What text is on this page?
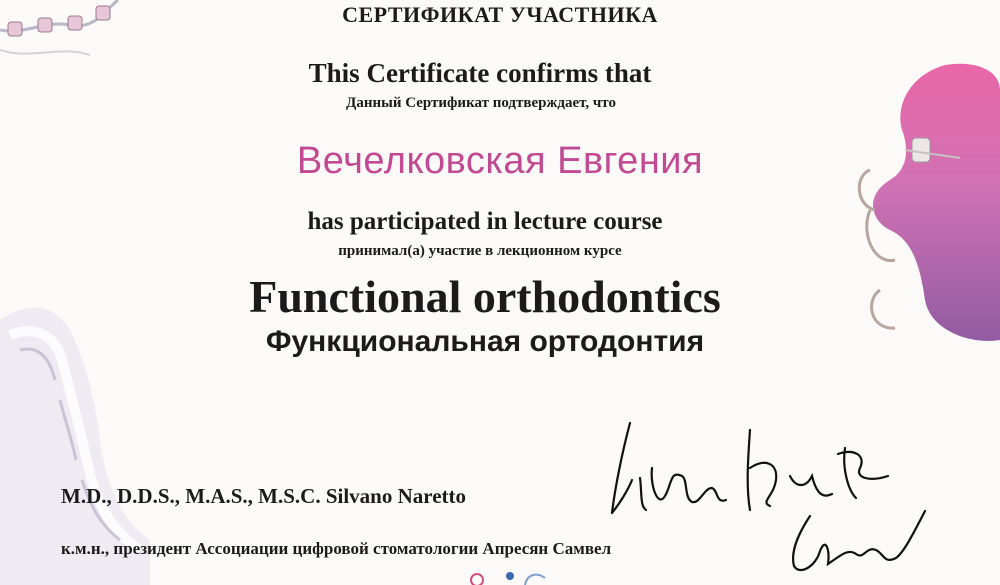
СЕРТИФИКАТ УЧАСТНИКА
This Certificate confirms that
Данный Сертификат подтверждает, что
Вечелковская Евгения
has participated in lecture course
принимал(а) участие в лекционном курсе
Functional orthodontics
Функциональная ортодонтия
M.D., D.D.S., M.A.S., M.S.C. Silvano Naretto
к.м.н., президент Ассоциации цифровой стоматологии Апресян Самвел
